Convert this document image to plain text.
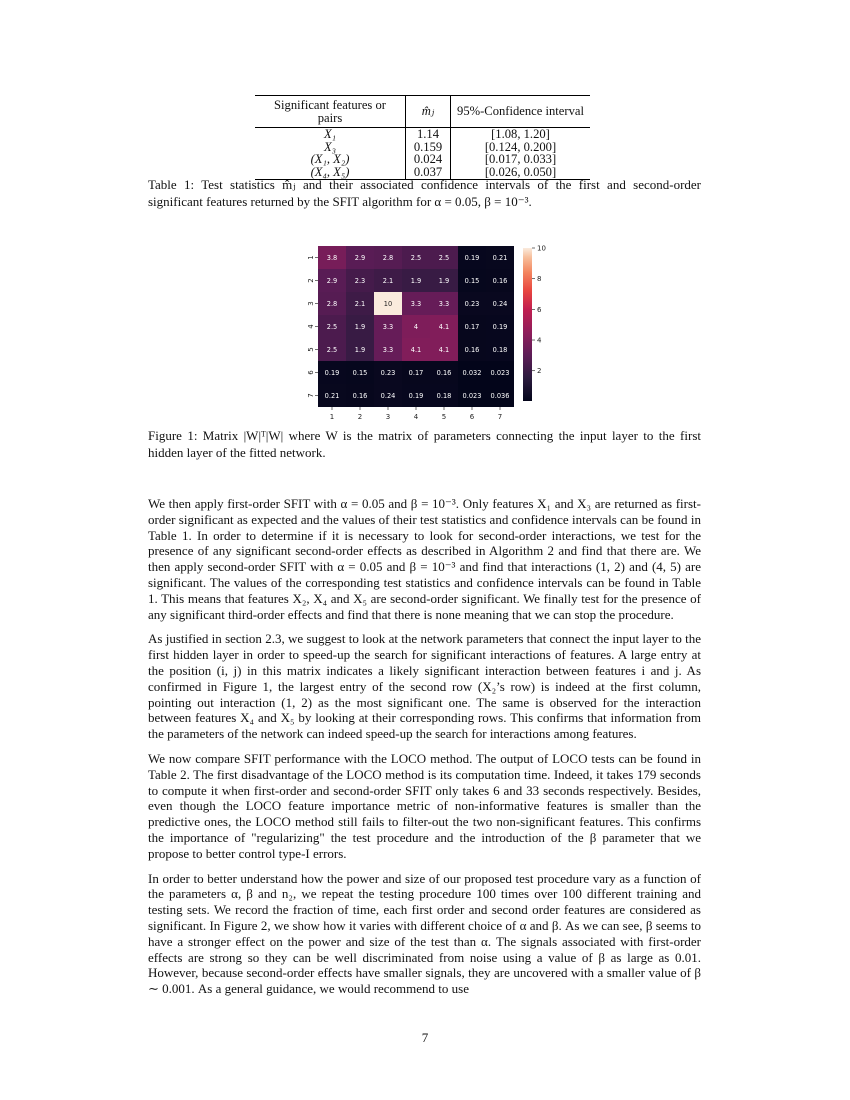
Significant features or pairs	m̂ⱼ	95%-Confidence interval
X₁	1.14	[1.08, 1.20]
X₃	0.159	[0.124, 0.200]
(X₁, X₂)	0.024	[0.017, 0.033]
(X₄, X₅)	0.037	[0.026, 0.050]
Table 1: Test statistics m̂ⱼ and their associated confidence intervals of the first and second-order significant features returned by the SFIT algorithm for α = 0.05, β = 10⁻³.
3.8	2.9	2.8	2.5	2.5 0.19 0.21
2.9	2.3	2.1	1.9	1.9 0.15 0.16
2.8	2.1	10	3.3	3.3 0.23 0.24
2.5	1.9	3.3	4	4.1 0.17 0.19
2.5	1.9	3.3	4.1	4.1 0.16 0.18
0.19 0.15 0.23 0.17 0.16 0.032 0.023
0.21 0.16 0.24 0.19 0.18 0.023 0.036
1
2
3
4
5
6
7
1	2	3	4	5	6	7
10
8
6
4
2
Figure 1: Matrix |W|ᵀ|W| where W is the matrix of parameters connecting the input layer to the first hidden layer of the fitted network.

We then apply first-order SFIT with α = 0.05 and β = 10⁻³. Only features X₁ and X₃ are returned as first-order significant as expected and the values of their test statistics and confidence intervals can be found in Table 1. In order to determine if it is necessary to look for second-order interactions, we test for the presence of any significant second-order effects as described in Algorithm 2 and find that there are. We then apply second-order SFIT with α = 0.05 and β = 10⁻³ and find that interactions (1, 2) and (4, 5) are significant. The values of the corresponding test statistics and confidence intervals can be found in Table 1. This means that features X₂, X₄ and X₅ are second-order significant. We finally test for the presence of any significant third-order effects and find that there is none meaning that we can stop the procedure.

As justified in section 2.3, we suggest to look at the network parameters that connect the input layer to the first hidden layer in order to speed-up the search for significant interactions of features. A large entry at the position (i, j) in this matrix indicates a likely significant interaction between features i and j. As confirmed in Figure 1, the largest entry of the second row (X₂’s row) is indeed at the first column, pointing out interaction (1, 2) as the most significant one. The same is observed for the interaction between features X₄ and X₅ by looking at their corresponding rows. This confirms that information from the parameters of the network can indeed speed-up the search for interactions among features.

We now compare SFIT performance with the LOCO method. The output of LOCO tests can be found in Table 2. The first disadvantage of the LOCO method is its computation time. Indeed, it takes 179 seconds to compute it when first-order and second-order SFIT only takes 6 and 33 seconds respectively. Besides, even though the LOCO feature importance metric of non-informative features is smaller than the predictive ones, the LOCO method still fails to filter-out the two non-significant features. This confirms the importance of "regularizing" the test procedure and the introduction of the β parameter that we propose to better control type-I errors.

In order to better understand how the power and size of our proposed test procedure vary as a function of the parameters α, β and n₂, we repeat the testing procedure 100 times over 100 different training and testing sets. We record the fraction of time, each first order and second order features are considered as significant. In Figure 2, we show how it varies with different choice of α and β. As we can see, β seems to have a stronger effect on the power and size of the test than α. The signals associated with first-order effects are strong so they can be well discriminated from noise using a value of β as large as 0.01. However, because second-order effects have smaller signals, they are uncovered with a smaller value of β ∼ 0.001. As a general guidance, we would recommend to use

7
